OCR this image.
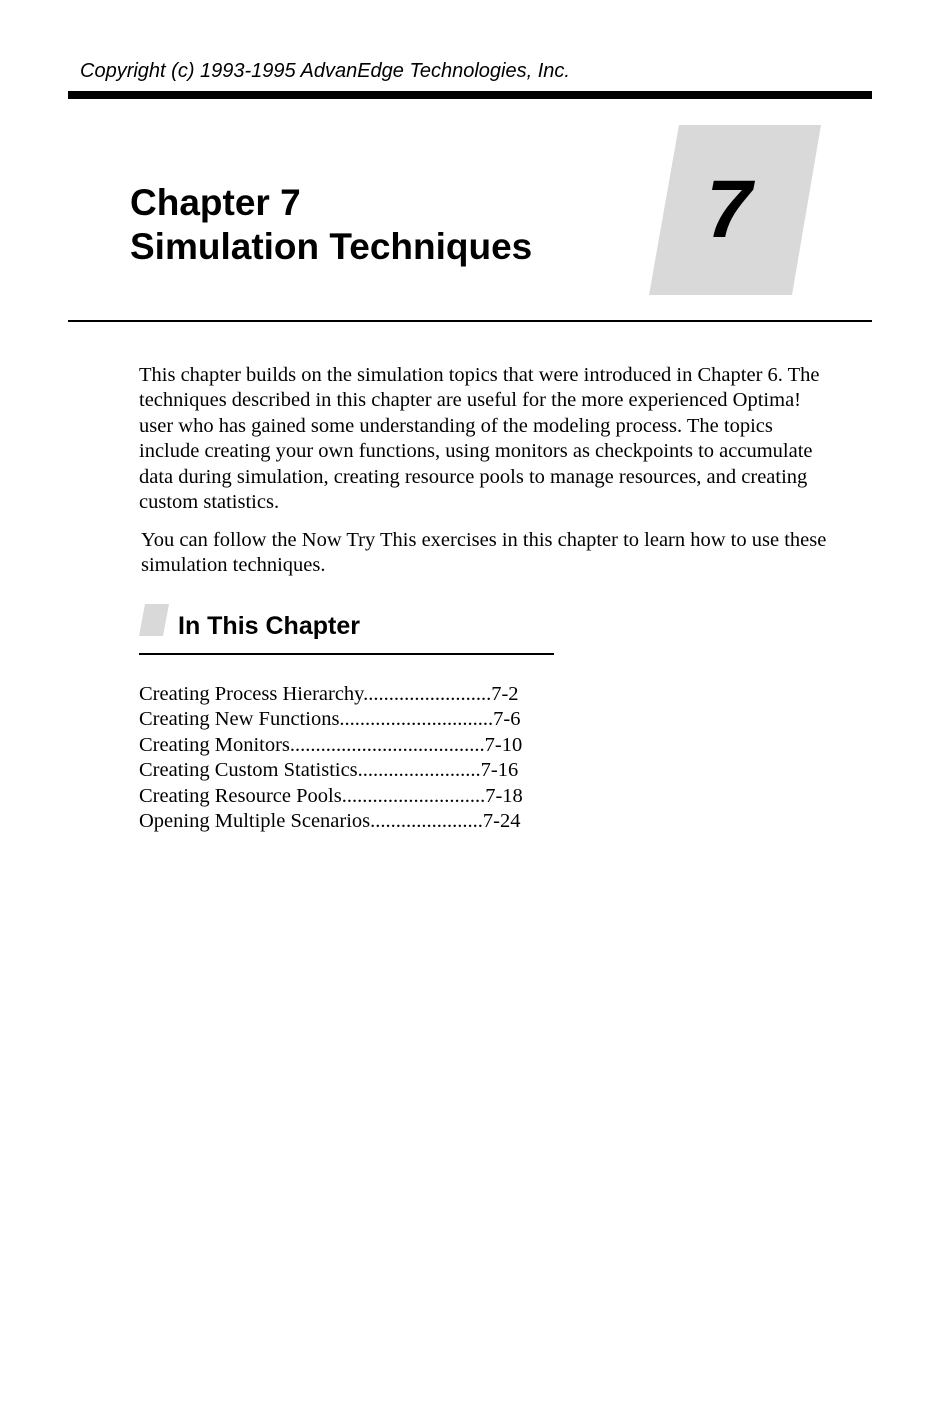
Copyright (c) 1993-1995 AdvanEdge Technologies, Inc.
Chapter 7
Simulation Techniques	7

This chapter builds on the simulation topics that were introduced in Chapter 6. The techniques described in this chapter are useful for the more experienced Optima! user who has gained some understanding of the modeling process. The topics include creating your own functions, using monitors as checkpoints to accumulate data during simulation, creating resource pools to manage resources, and creating custom statistics.

You can follow the Now Try This exercises in this chapter to learn how to use these simulation techniques.

In This Chapter
Creating Process Hierarchy.........................7-2
Creating New Functions..............................7-6
Creating Monitors......................................7-10
Creating Custom Statistics........................7-16
Creating Resource Pools............................7-18
Opening Multiple Scenarios......................7-24
